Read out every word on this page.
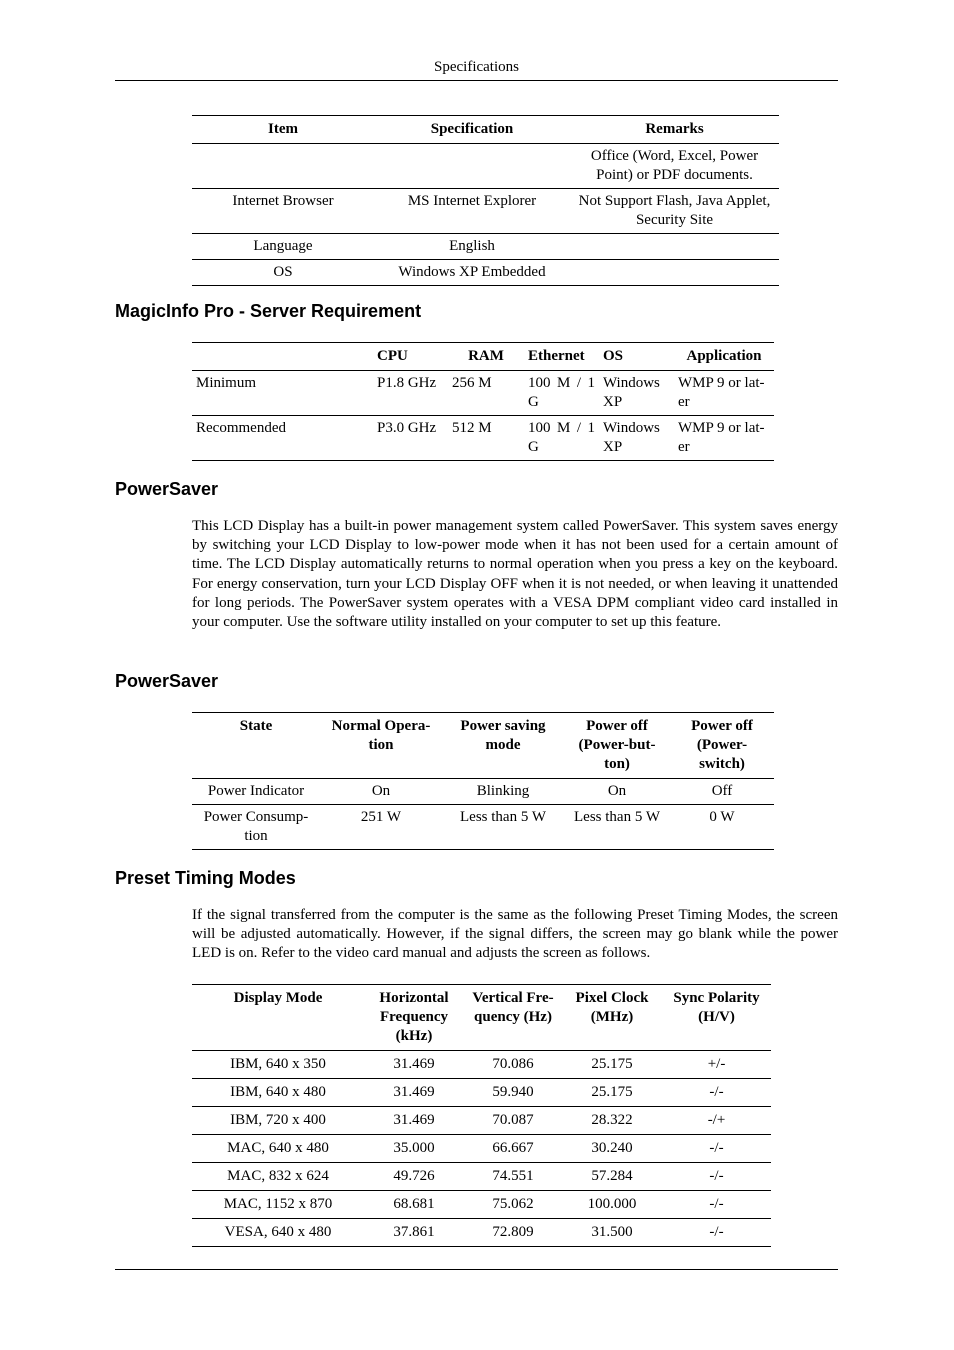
Specifications
Item	Specification	Remarks
		Office (Word, Excel, Power Point) or PDF documents.
Internet Browser	MS Internet Explorer	Not Support Flash, Java Applet, Security Site
Language	English	
OS	Windows XP Embedded	
MagicInfo Pro - Server Requirement
	CPU	RAM	Ethernet	OS	Application
Minimum	P1.8 GHz	256 M	100 M / 1 G	Windows XP	WMP 9 or lat-er
Recommended	P3.0 GHz	512 M	100 M / 1 G	Windows XP	WMP 9 or lat-er
PowerSaver

This LCD Display has a built-in power management system called PowerSaver. This system saves energy by switching your LCD Display to low-power mode when it has not been used for a certain amount of time. The LCD Display automatically returns to normal operation when you press a key on the keyboard. For energy conservation, turn your LCD Display OFF when it is not needed, or when leaving it unattended for long periods. The PowerSaver system operates with a VESA DPM compliant video card installed in your computer. Use the software utility installed on your computer to set up this feature.

PowerSaver
State	Normal Opera-tion	Power saving mode	Power off (Power-but-ton)	Power off (Power-switch)
Power Indicator	On	Blinking	On	Off
Power Consump-tion	251 W	Less than 5 W	Less than 5 W	0 W
Preset Timing Modes

If the signal transferred from the computer is the same as the following Preset Timing Modes, the screen will be adjusted automatically. However, if the signal differs, the screen may go blank while the power LED is on. Refer to the video card manual and adjusts the screen as follows.

Display Mode	Horizontal Frequency (kHz)	Vertical Fre-quency (Hz)	Pixel Clock (MHz)	Sync Polarity (H/V)
IBM, 640 x 350	31.469	70.086	25.175	+/-
IBM, 640 x 480	31.469	59.940	25.175	-/-
IBM, 720 x 400	31.469	70.087	28.322	-/+
MAC, 640 x 480	35.000	66.667	30.240	-/-
MAC, 832 x 624	49.726	74.551	57.284	-/-
MAC, 1152 x 870	68.681	75.062	100.000	-/-
VESA, 640 x 480	37.861	72.809	31.500	-/-
